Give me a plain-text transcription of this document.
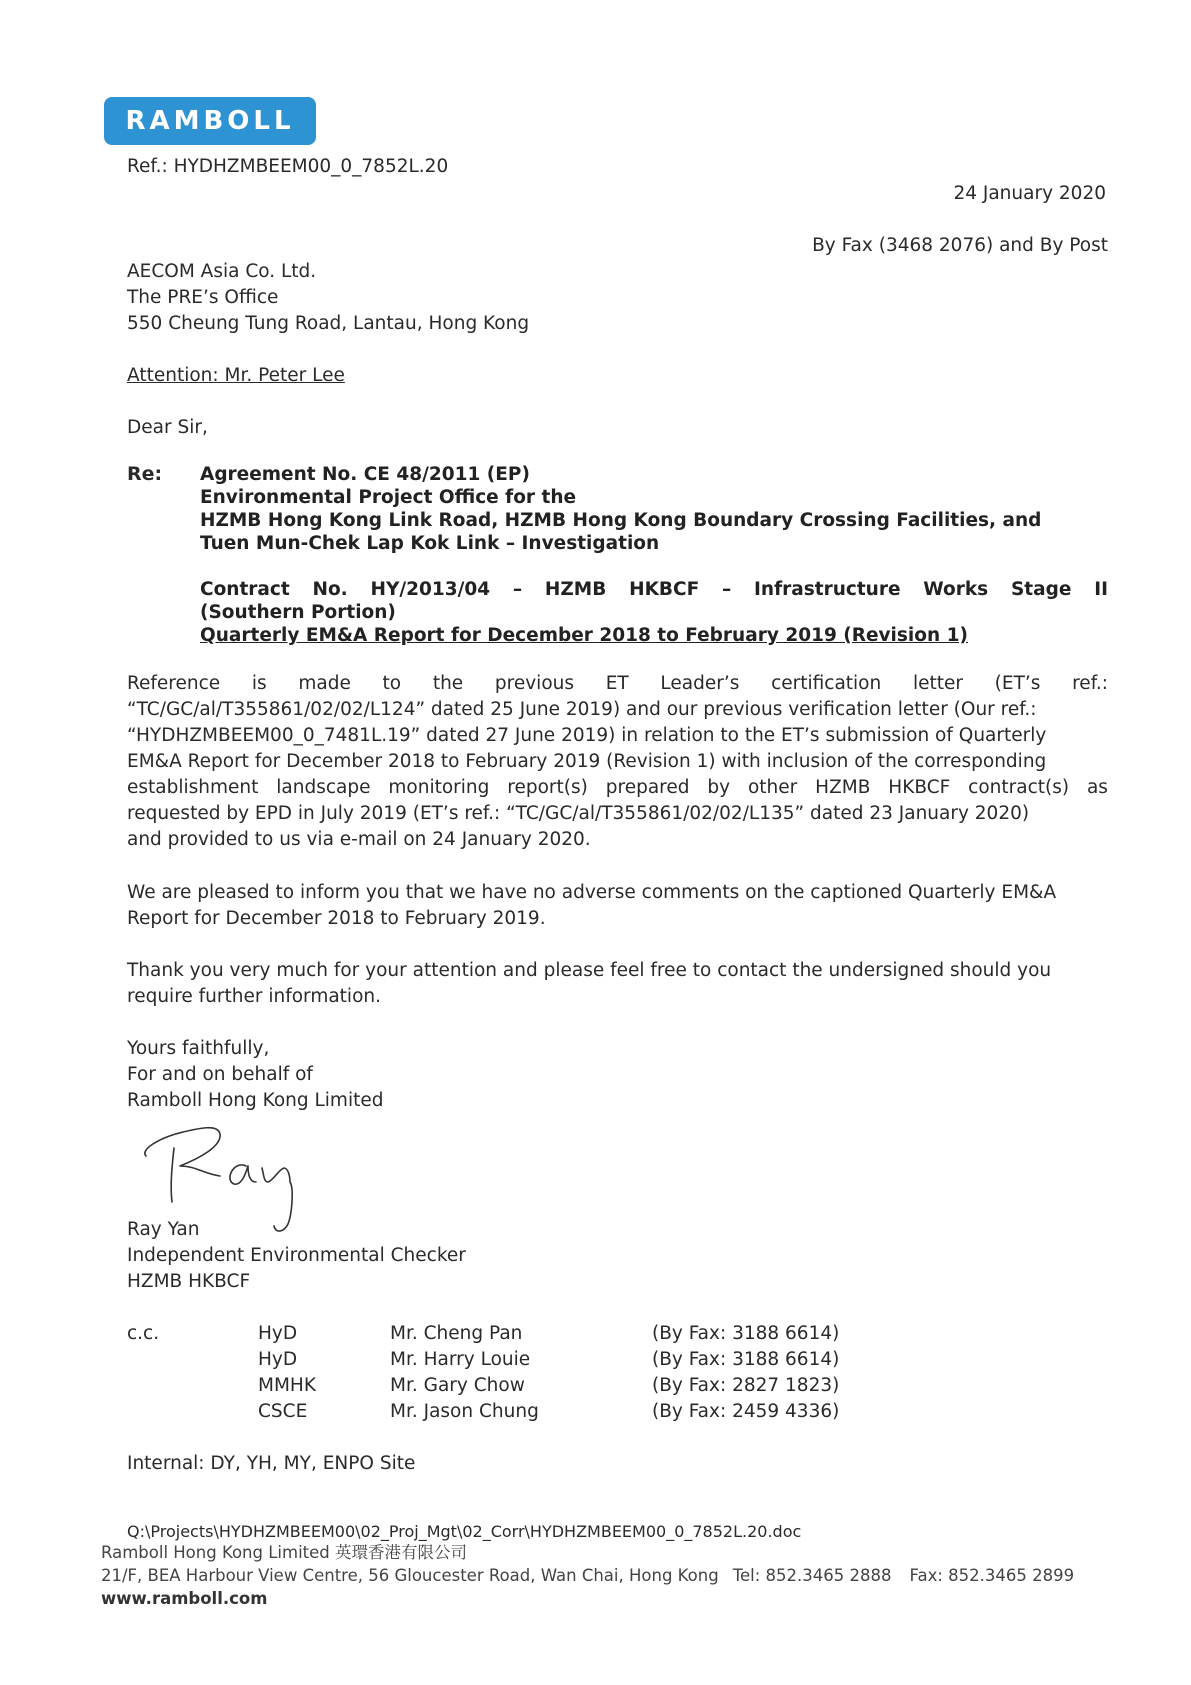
RAMBOLL
Ref.: HYDHZMBEEM00_0_7852L.20
24 January 2020
By Fax (3468 2076) and By Post
AECOM Asia Co. Ltd.
The PRE’s Office
550 Cheung Tung Road, Lantau, Hong Kong
Attention: Mr. Peter Lee
Dear Sir,
Re: Agreement No. CE 48/2011 (EP)
Environmental Project Office for the
HZMB Hong Kong Link Road, HZMB Hong Kong Boundary Crossing Facilities, and
Tuen Mun-Chek Lap Kok Link – Investigation
Contract No. HY/2013/04 – HZMB HKBCF – Infrastructure Works Stage II
(Southern Portion)
Quarterly EM&A Report for December 2018 to February 2019 (Revision 1)
Reference is made to the previous ET Leader’s certification letter (ET’s ref.:
“TC/GC/al/T355861/02/02/L124” dated 25 June 2019) and our previous verification letter (Our ref.:
“HYDHZMBEEM00_0_7481L.19” dated 27 June 2019) in relation to the ET’s submission of Quarterly
EM&A Report for December 2018 to February 2019 (Revision 1) with inclusion of the corresponding
establishment landscape monitoring report(s) prepared by other HZMB HKBCF contract(s) as
requested by EPD in July 2019 (ET’s ref.: “TC/GC/al/T355861/02/02/L135” dated 23 January 2020)
and provided to us via e-mail on 24 January 2020.
We are pleased to inform you that we have no adverse comments on the captioned Quarterly EM&A
Report for December 2018 to February 2019.
Thank you very much for your attention and please feel free to contact the undersigned should you
require further information.
Yours faithfully,
For and on behalf of
Ramboll Hong Kong Limited
Ray Yan
Independent Environmental Checker
HZMB HKBCF
c.c.	HyD
HyD
MMHK
CSCE
Mr. Cheng Pan
Mr. Harry Louie
Mr. Gary Chow
Mr. Jason Chung
(By Fax: 3188 6614)
(By Fax: 3188 6614)
(By Fax: 2827 1823)
(By Fax: 2459 4336)
Internal: DY, YH, MY, ENPO Site
Q:\Projects\HYDHZMBEEM00\02_Proj_Mgt\02_Corr\HYDHZMBEEM00_0_7852L.20.doc
Ramboll Hong Kong Limited 英環香港有限公司
21/F, BEA Harbour View Centre, 56 Gloucester Road, Wan Chai, Hong Kong Tel: 852.3465 2888 Fax: 852.3465 2899
www.ramboll.com
